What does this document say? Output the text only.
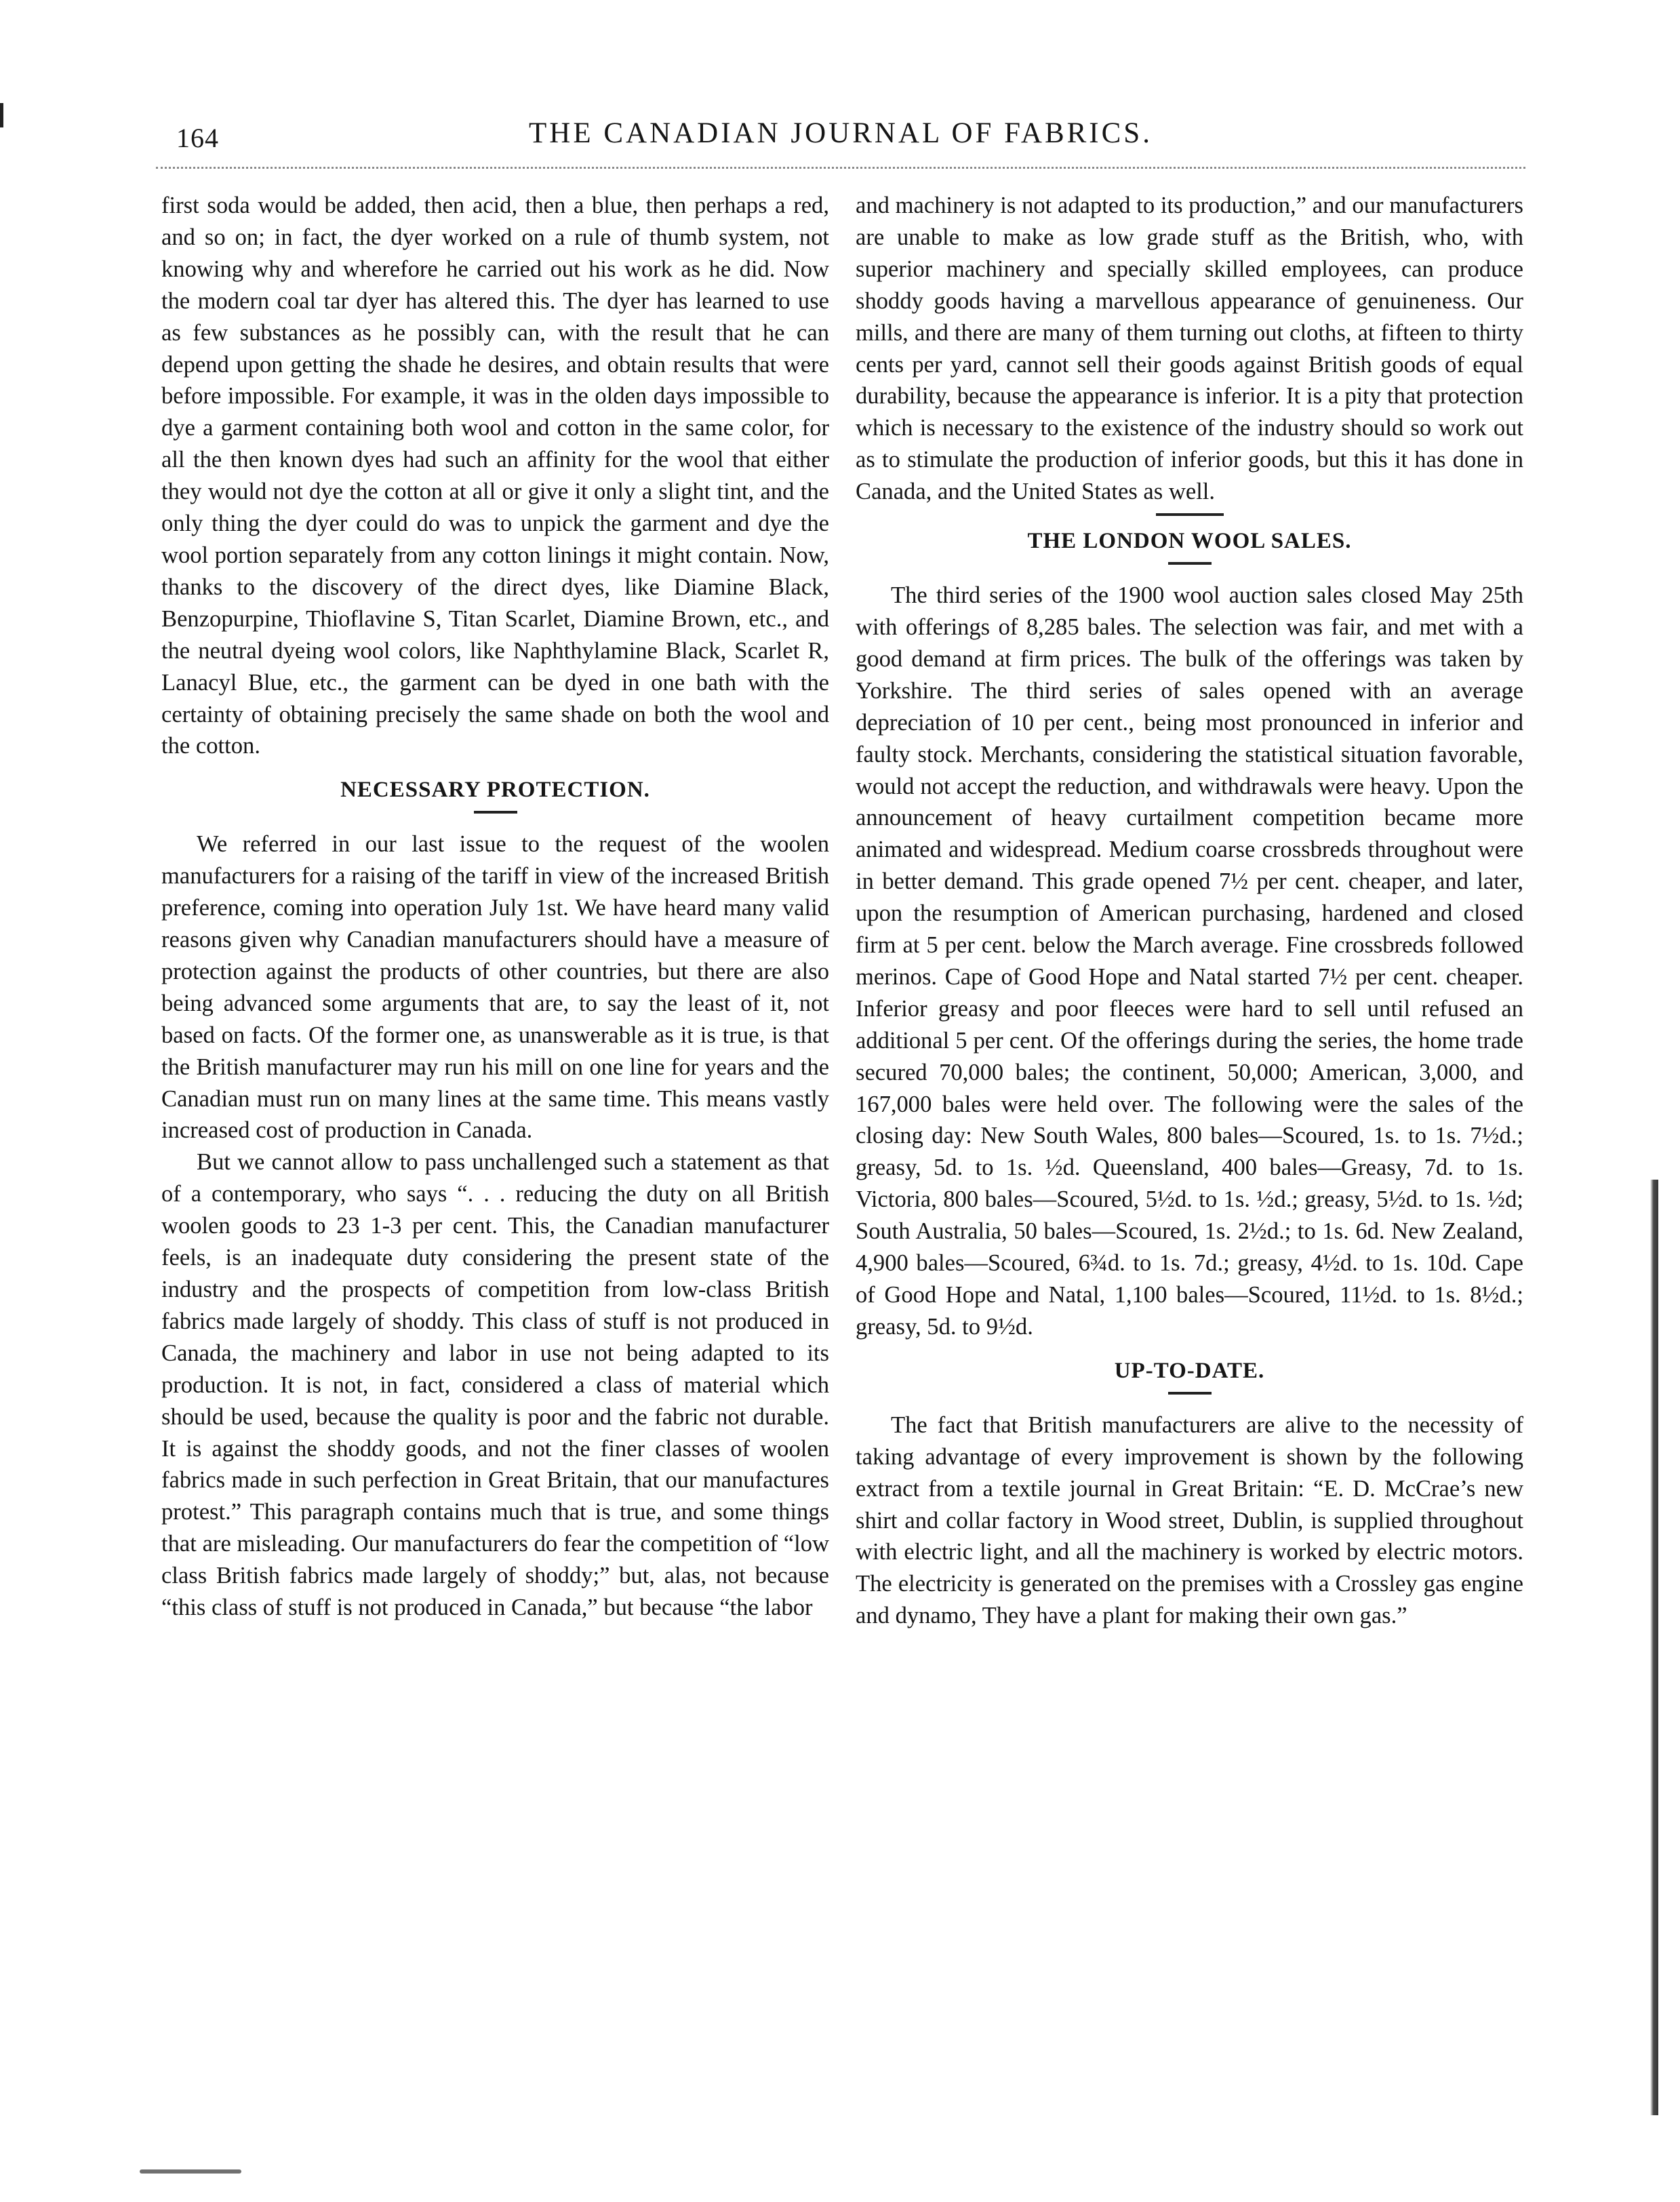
164	THE CANADIAN JOURNAL OF FABRICS.

first soda would be added, then acid, then a blue, then perhaps a red, and so on; in fact, the dyer worked on a rule of thumb system, not knowing why and wherefore he carried out his work as he did. Now the modern coal tar dyer has altered this. The dyer has learned to use as few substances as he possibly can, with the result that he can depend upon getting the shade he desires, and obtain results that were before impossible. For example, it was in the olden days impossible to dye a garment containing both wool and cotton in the same color, for all the then known dyes had such an affinity for the wool that either they would not dye the cotton at all or give it only a slight tint, and the only thing the dyer could do was to unpick the garment and dye the wool portion separately from any cotton linings it might contain. Now, thanks to the discovery of the direct dyes, like Diamine Black, Benzopurpine, Thioflavine S, Titan Scarlet, Diamine Brown, etc., and the neutral dyeing wool colors, like Naphthylamine Black, Scarlet R, Lanacyl Blue, etc., the garment can be dyed in one bath with the certainty of obtaining precisely the same shade on both the wool and the cotton.

NECESSARY PROTECTION.

We referred in our last issue to the request of the woolen manufacturers for a raising of the tariff in view of the increased British preference, coming into operation July 1st. We have heard many valid reasons given why Canadian manufacturers should have a measure of protection against the products of other countries, but there are also being advanced some arguments that are, to say the least of it, not based on facts. Of the former one, as unanswerable as it is true, is that the British manufacturer may run his mill on one line for years and the Canadian must run on many lines at the same time. This means vastly increased cost of production in Canada.

But we cannot allow to pass unchallenged such a statement as that of a contemporary, who says “. . . reducing the duty on all British woolen goods to 23 1-3 per cent. This, the Canadian manufacturer feels, is an inadequate duty considering the present state of the industry and the prospects of competition from low-class British fabrics made largely of shoddy. This class of stuff is not produced in Canada, the machinery and labor in use not being adapted to its production. It is not, in fact, considered a class of material which should be used, because the quality is poor and the fabric not durable. It is against the shoddy goods, and not the finer classes of woolen fabrics made in such perfection in Great Britain, that our manufactures protest.” This paragraph contains much that is true, and some things that are misleading. Our manufacturers do fear the competition of “low class British fabrics made largely of shoddy;” but, alas, not because “this class of stuff is not produced in Canada,” but because “the labor

and machinery is not adapted to its production,” and our manufacturers are unable to make as low grade stuff as the British, who, with superior machinery and specially skilled employees, can produce shoddy goods having a marvellous appearance of genuineness. Our mills, and there are many of them turning out cloths, at fifteen to thirty cents per yard, cannot sell their goods against British goods of equal durability, because the appearance is inferior. It is a pity that protection which is necessary to the existence of the industry should so work out as to stimulate the production of inferior goods, but this it has done in Canada, and the United States as well.

THE LONDON WOOL SALES.

The third series of the 1900 wool auction sales closed May 25th with offerings of 8,285 bales. The selection was fair, and met with a good demand at firm prices. The bulk of the offerings was taken by Yorkshire. The third series of sales opened with an average depreciation of 10 per cent., being most pronounced in inferior and faulty stock. Merchants, considering the statistical situation favorable, would not accept the reduction, and withdrawals were heavy. Upon the announcement of heavy curtailment competition became more animated and widespread. Medium coarse crossbreds throughout were in better demand. This grade opened 7½ per cent. cheaper, and later, upon the resumption of American purchasing, hardened and closed firm at 5 per cent. below the March average. Fine crossbreds followed merinos. Cape of Good Hope and Natal started 7½ per cent. cheaper. Inferior greasy and poor fleeces were hard to sell until refused an additional 5 per cent. Of the offerings during the series, the home trade secured 70,000 bales; the continent, 50,000; American, 3,000, and 167,000 bales were held over. The following were the sales of the closing day: New South Wales, 800 bales—Scoured, 1s. to 1s. 7½d.; greasy, 5d. to 1s. ½d. Queensland, 400 bales—Greasy, 7d. to 1s. Victoria, 800 bales—Scoured, 5½d. to 1s. ½d.; greasy, 5½d. to 1s. ½d; South Australia, 50 bales—Scoured, 1s. 2½d.; to 1s. 6d. New Zealand, 4,900 bales—Scoured, 6¾d. to 1s. 7d.; greasy, 4½d. to 1s. 10d. Cape of Good Hope and Natal, 1,100 bales—Scoured, 11½d. to 1s. 8½d.; greasy, 5d. to 9½d.

UP-TO-DATE.

The fact that British manufacturers are alive to the necessity of taking advantage of every improvement is shown by the following extract from a textile journal in Great Britain: “E. D. McCrae’s new shirt and collar factory in Wood street, Dublin, is supplied throughout with electric light, and all the machinery is worked by electric motors. The electricity is generated on the premises with a Crossley gas engine and dynamo, They have a plant for making their own gas.”
